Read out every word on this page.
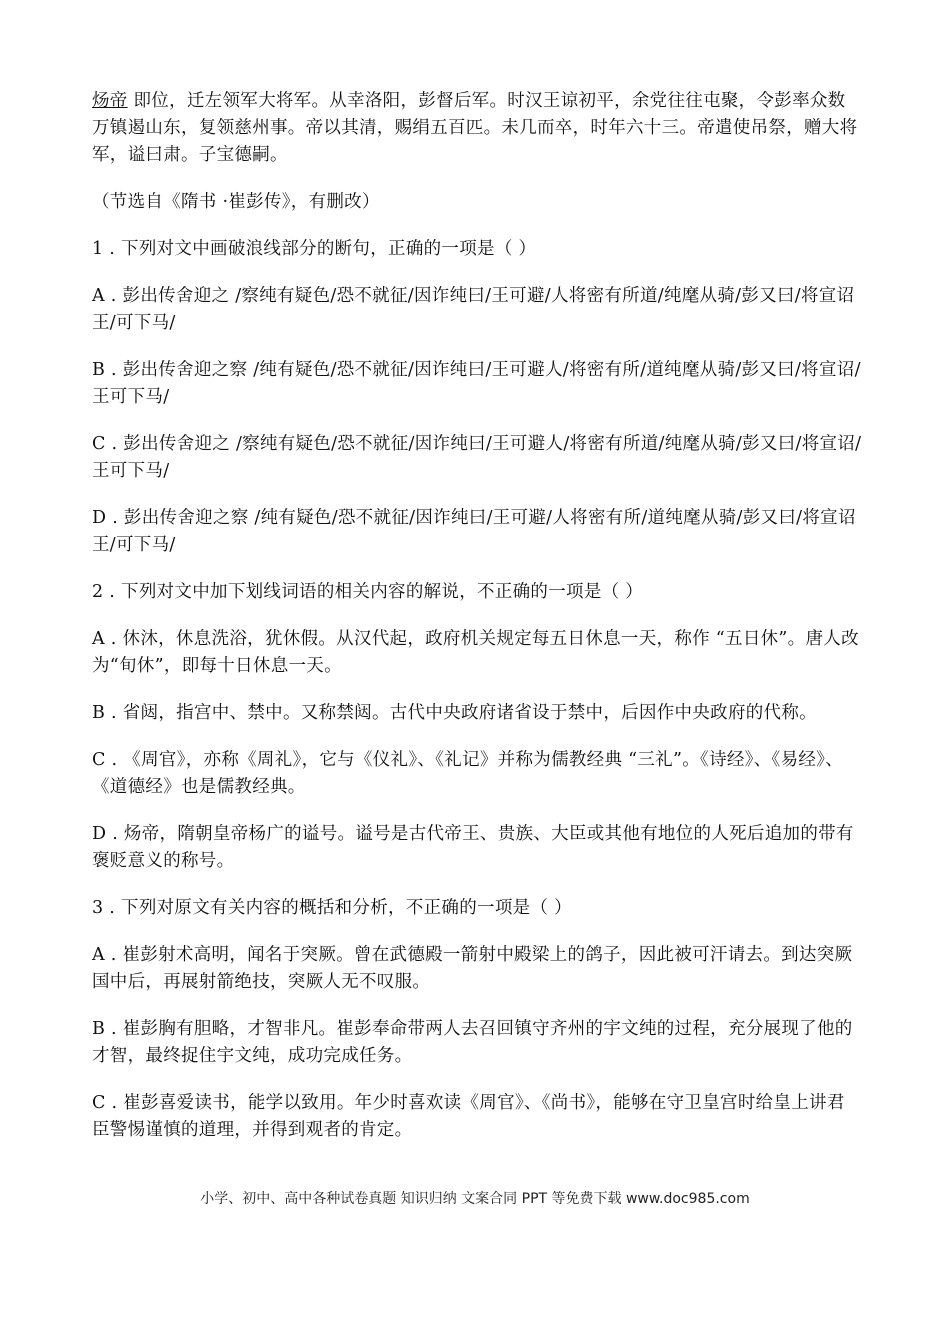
炀帝 即位，迁左领军大将军。从幸洛阳，彭督后军。时汉王谅初平，余党往往屯聚，令彭率众数万镇遏山东，复领慈州事。帝以其清，赐绢五百匹。未几而卒，时年六十三。帝遣使吊祭，赠大将军，谥曰肃。子宝德嗣。

（节选自《隋书 ·崔彭传》，有删改）

1 . 下列对文中画破浪线部分的断句，正确的一项是（ ）

A . 彭出传舍迎之 /察纯有疑色/恐不就征/因诈纯曰/王可避/人将密有所道/纯麾从骑/彭又曰/将宣诏王/可下马/

B . 彭出传舍迎之察 /纯有疑色/恐不就征/因诈纯曰/王可避人/将密有所/道纯麾从骑/彭又曰/将宣诏/王可下马/

C . 彭出传舍迎之 /察纯有疑色/恐不就征/因诈纯曰/王可避人/将密有所道/纯麾从骑/彭又曰/将宣诏/王可下马/

D . 彭出传舍迎之察 /纯有疑色/恐不就征/因诈纯曰/王可避/人将密有所/道纯麾从骑/彭又曰/将宣诏王/可下马/

2 . 下列对文中加下划线词语的相关内容的解说，不正确的一项是（ ）

A . 休沐，休息洗浴，犹休假。从汉代起，政府机关规定每五日休息一天，称作 “五日休”。唐人改为“旬休”，即每十日休息一天。

B . 省闼，指宫中、禁中。又称禁闼。古代中央政府诸省设于禁中，后因作中央政府的代称。

C . 《周官》，亦称《周礼》，它与《仪礼》、《礼记》并称为儒教经典 “三礼”。《诗经》、《易经》、《道德经》也是儒教经典。

D . 炀帝，隋朝皇帝杨广的谥号。谥号是古代帝王、贵族、大臣或其他有地位的人死后追加的带有褒贬意义的称号。

3 . 下列对原文有关内容的概括和分析，不正确的一项是（ ）

A . 崔彭射术高明，闻名于突厥。曾在武德殿一箭射中殿梁上的鸽子，因此被可汗请去。到达突厥国中后，再展射箭绝技，突厥人无不叹服。

B . 崔彭胸有胆略，才智非凡。崔彭奉命带两人去召回镇守齐州的宇文纯的过程，充分展现了他的才智，最终捉住宇文纯，成功完成任务。

C . 崔彭喜爱读书，能学以致用。年少时喜欢读《周官》、《尚书》，能够在守卫皇宫时给皇上讲君臣警惕谨慎的道理，并得到观者的肯定。

小学、初中、高中各种试卷真题 知识归纳 文案合同 PPT 等免费下载 www.doc985.com
